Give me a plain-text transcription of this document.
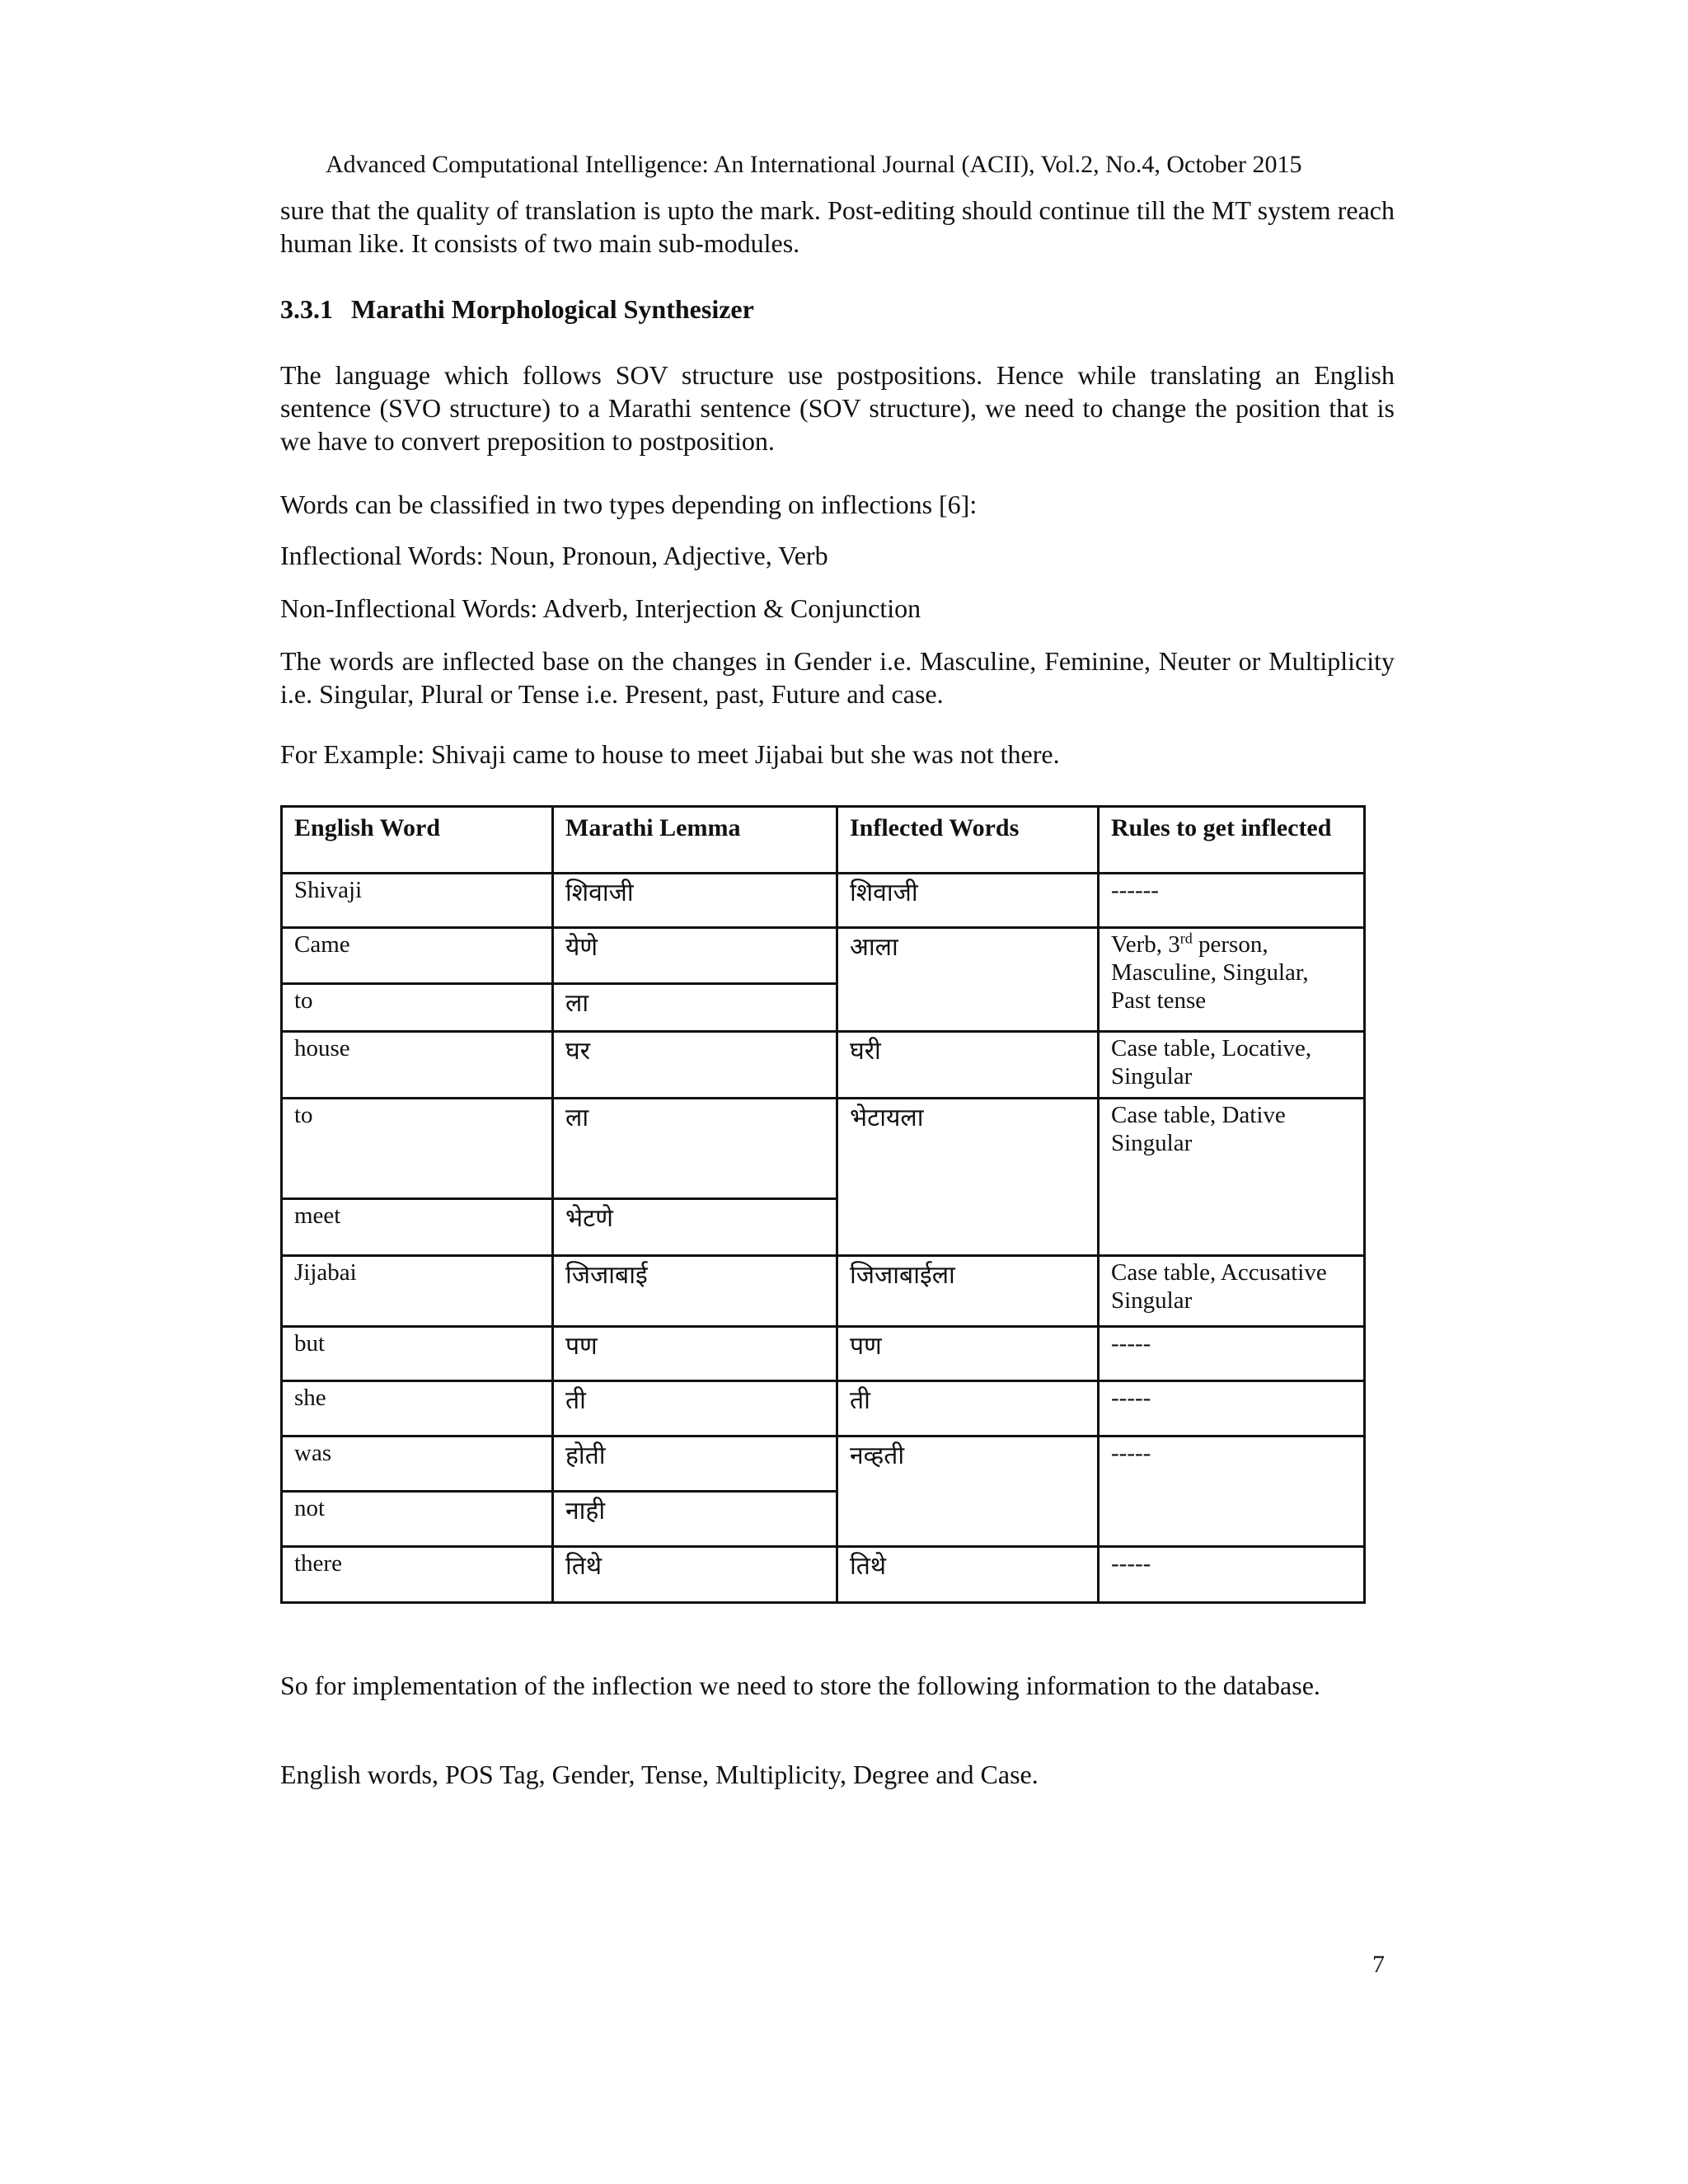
Advanced Computational Intelligence: An International Journal (ACII), Vol.2, No.4, October 2015

sure that the quality of translation is upto the mark. Post-editing should continue till the MT system reach human like. It consists of two main sub-modules.

3.3.1 Marathi Morphological Synthesizer

The language which follows SOV structure use postpositions. Hence while translating an English sentence (SVO structure) to a Marathi sentence (SOV structure), we need to change the position that is we have to convert preposition to postposition.

Words can be classified in two types depending on inflections [6]:

Inflectional Words: Noun, Pronoun, Adjective, Verb

Non-Inflectional Words: Adverb, Interjection & Conjunction

The words are inflected base on the changes in Gender i.e. Masculine, Feminine, Neuter or Multiplicity i.e. Singular, Plural or Tense i.e. Present, past, Future and case.

For Example: Shivaji came to house to meet Jijabai but she was not there.

English Word	Marathi Lemma	Inflected Words	Rules to get inflected
Shivaji	शिवाजी	शिवाजी	------
Came	येणे	आला	Verb, 3rd person, Masculine, Singular, Past tense
to	ला		
house	घर	घरी	Case table, Locative, Singular
to	ला	भेटायला	Case table, Dative Singular
meet	भेटणे		
Jijabai	जिजाबाई	जिजाबाईला	Case table, Accusative Singular
but	पण	पण	-----
she	ती	ती	-----
was	होती	नव्हती	-----
not	नाही		
there	तिथे	तिथे	-----

So for implementation of the inflection we need to store the following information to the database.

English words, POS Tag, Gender, Tense, Multiplicity, Degree and Case.

7
